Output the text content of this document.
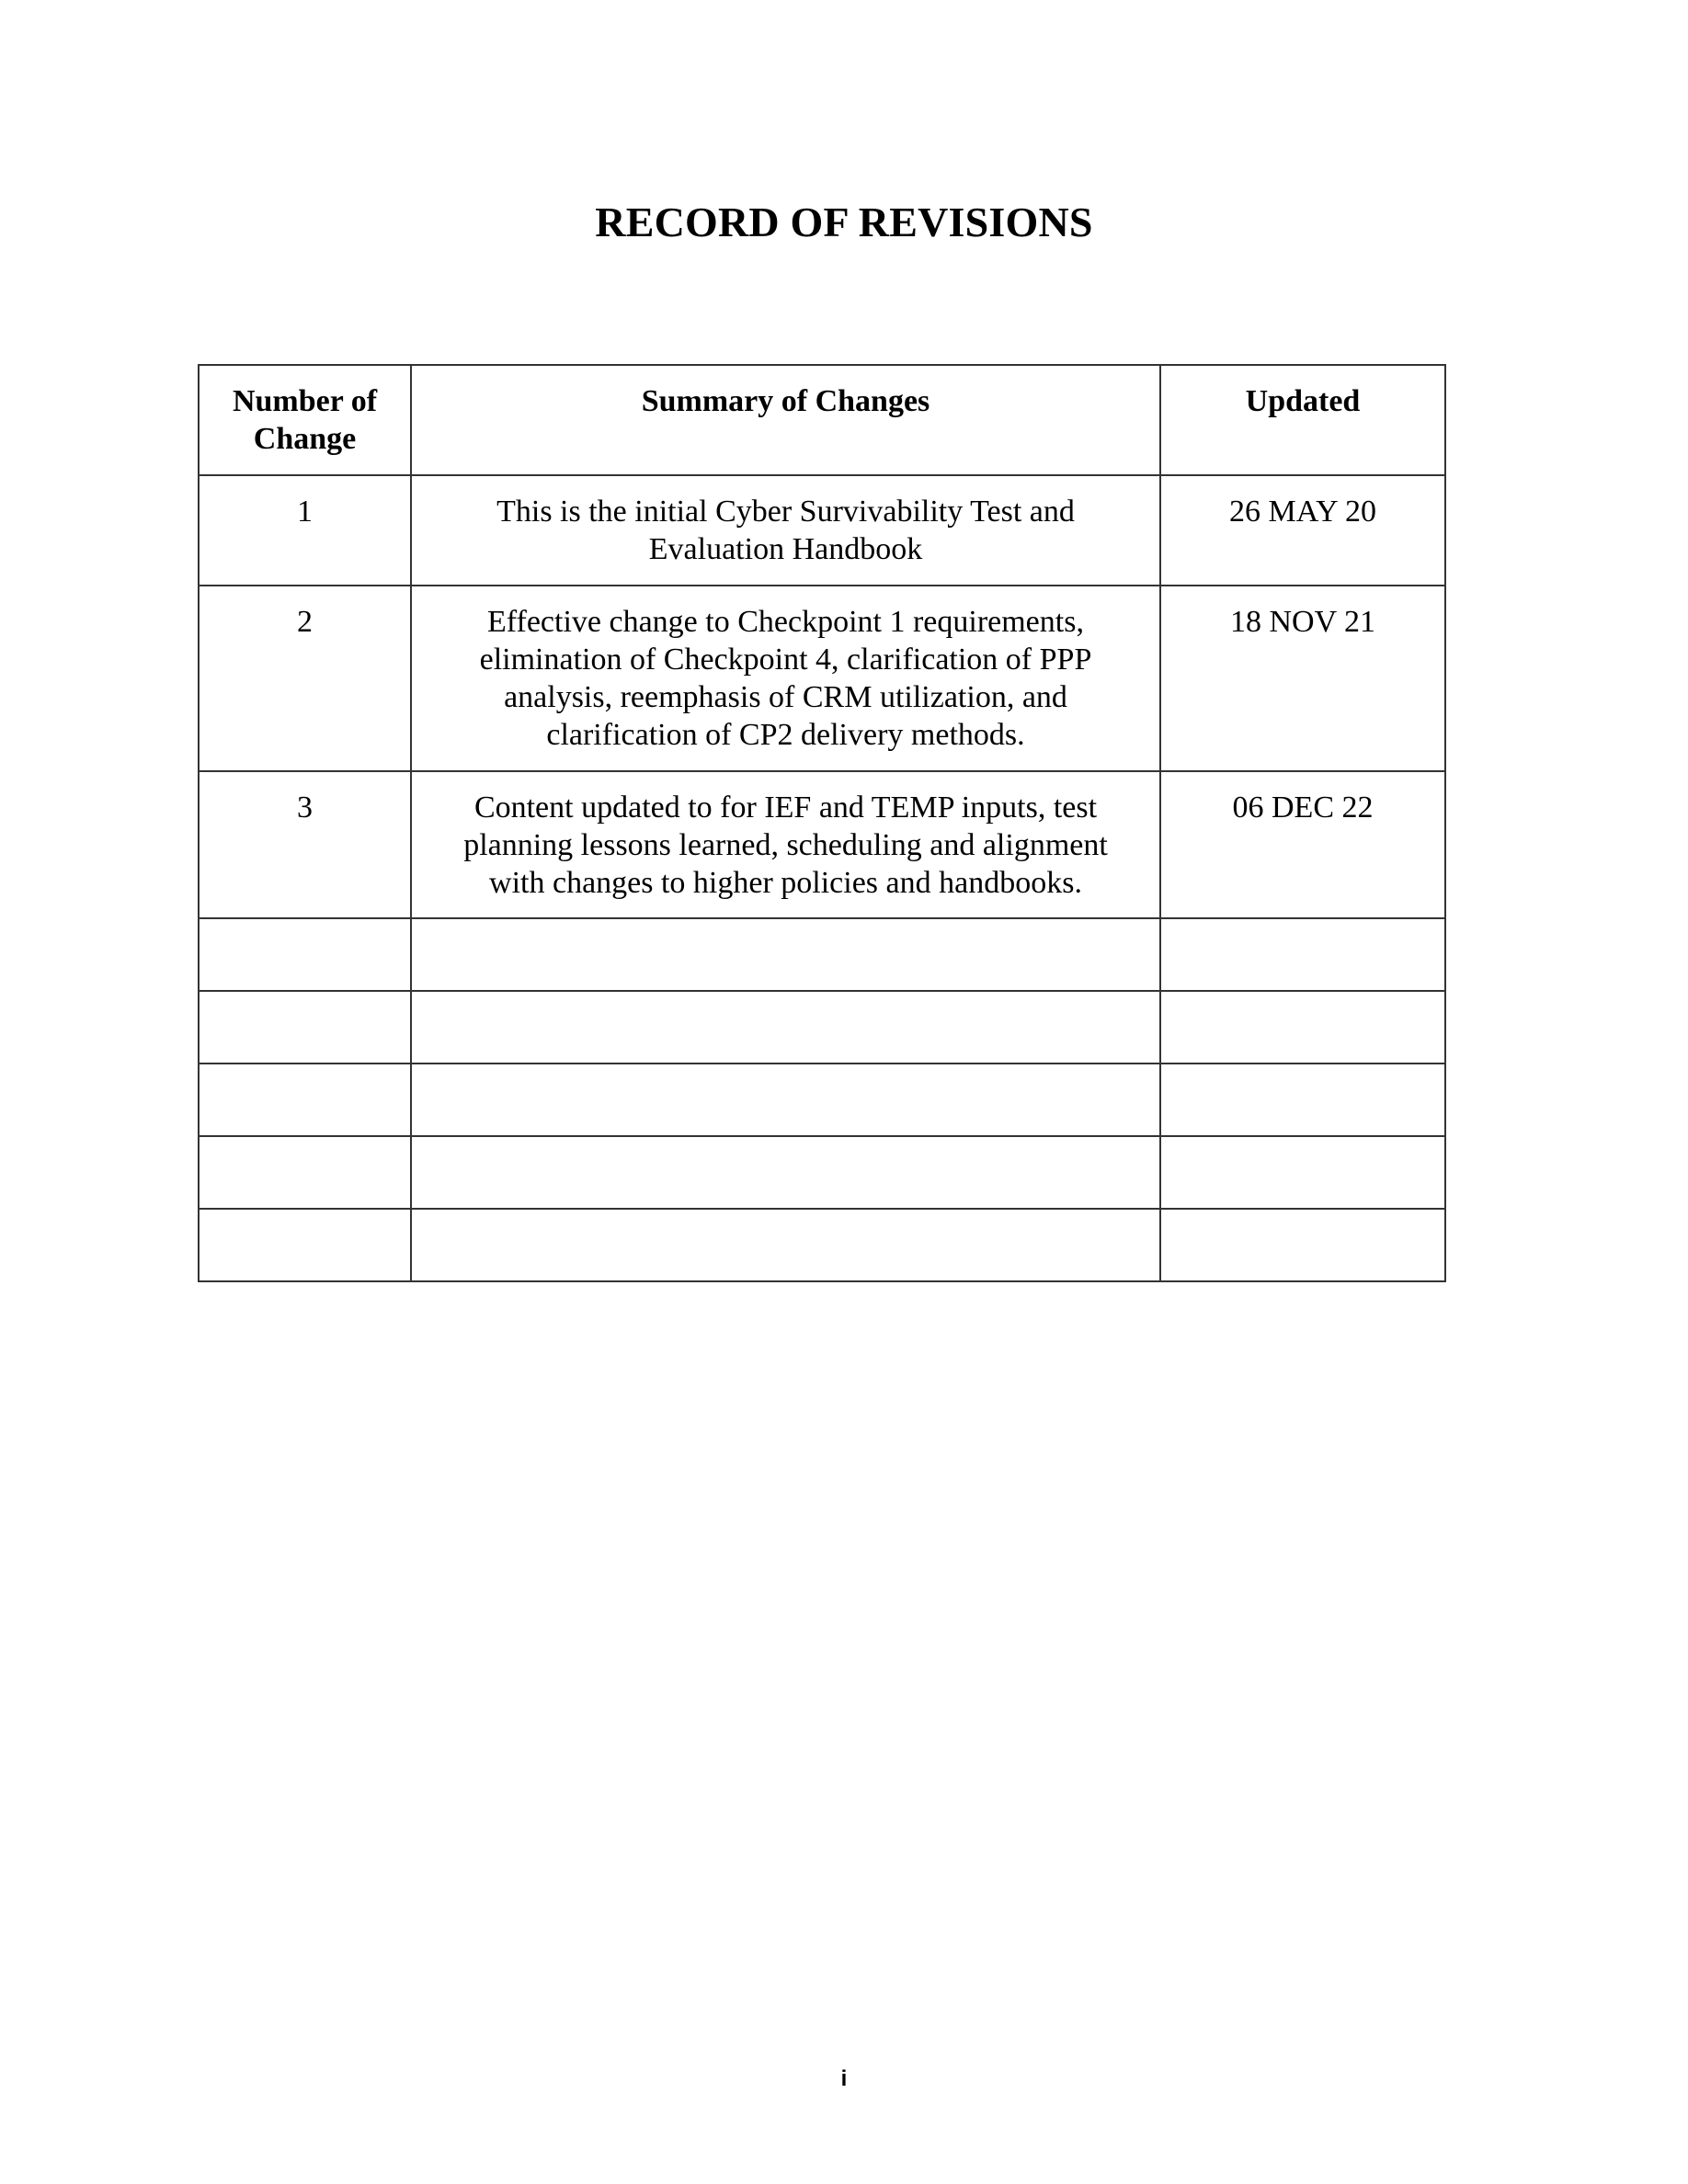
RECORD OF REVISIONS
Number of Change	Summary of Changes	Updated
1	This is the initial Cyber Survivability Test and Evaluation Handbook	26 MAY 20
2	Effective change to Checkpoint 1 requirements, elimination of Checkpoint 4, clarification of PPP analysis, reemphasis of CRM utilization, and clarification of CP2 delivery methods.	18 NOV 21
3	Content updated to for IEF and TEMP inputs, test planning lessons learned, scheduling and alignment with changes to higher policies and handbooks.	06 DEC 22

i
